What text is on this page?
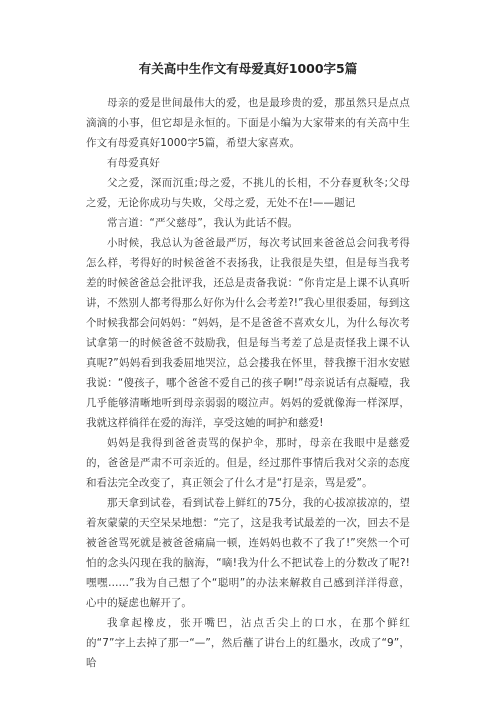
有关高中生作文有母爱真好1000字5篇

母亲的爱是世间最伟大的爱，也是最珍贵的爱，那虽然只是点点滴滴的小事，但它却是永恒的。下面是小编为大家带来的有关高中生作文有母爱真好1000字5篇，希望大家喜欢。

有母爱真好

父之爱，深而沉重;母之爱，不挑儿的长相，不分春夏秋冬;父母之爱，无论你成功与失败，父母之爱，无处不在!——题记

常言道：“严父慈母”，我认为此话不假。

小时候，我总认为爸爸最严厉，每次考试回来爸爸总会问我考得怎么样，考得好的时候爸爸不表扬我，让我很是失望，但是每当我考差的时候爸爸总会批评我，还总是责备我说：“你肯定是上课不认真听讲，不然别人都考得那么好你为什么会考差?!”我心里很委屈，每到这个时候我都会问妈妈：“妈妈，是不是爸爸不喜欢女儿，为什么每次考试拿第一的时候爸爸不鼓励我，但是每当考差了总是责怪我上课不认真呢?”妈妈看到我委屈地哭泣，总会搂我在怀里，替我擦干泪水安慰我说：“傻孩子，哪个爸爸不爱自己的孩子啊!”母亲说话有点凝噎，我几乎能够清晰地听到母亲弱弱的啜泣声。妈妈的爱就像海一样深厚，我就这样徜徉在爱的海洋，享受这她的呵护和慈爱!

妈妈是我得到爸爸责骂的保护伞，那时，母亲在我眼中是慈爱的，爸爸是严肃不可亲近的。但是，经过那件事情后我对父亲的态度和看法完全改变了，真正领会了什么才是“打是亲，骂是爱”。

那天拿到试卷，看到试卷上鲜红的75分，我的心拔凉拔凉的，望着灰蒙蒙的天空呆呆地想：“完了，这是我考试最差的一次，回去不是被爸爸骂死就是被爸爸痛扁一顿，连妈妈也救不了我了!”突然一个可怕的念头闪现在我的脑海，“嘀!我为什么不把试卷上的分数改了呢?!嘿嘿……”我为自己想了个“聪明”的办法来解救自己感到洋洋得意，心中的疑虑也解开了。

我拿起橡皮，张开嘴巴，沾点舌尖上的口水，在那个鲜红的“7”字上去掉了那一“—”，然后蘸了讲台上的红墨水，改成了“9”，哈
